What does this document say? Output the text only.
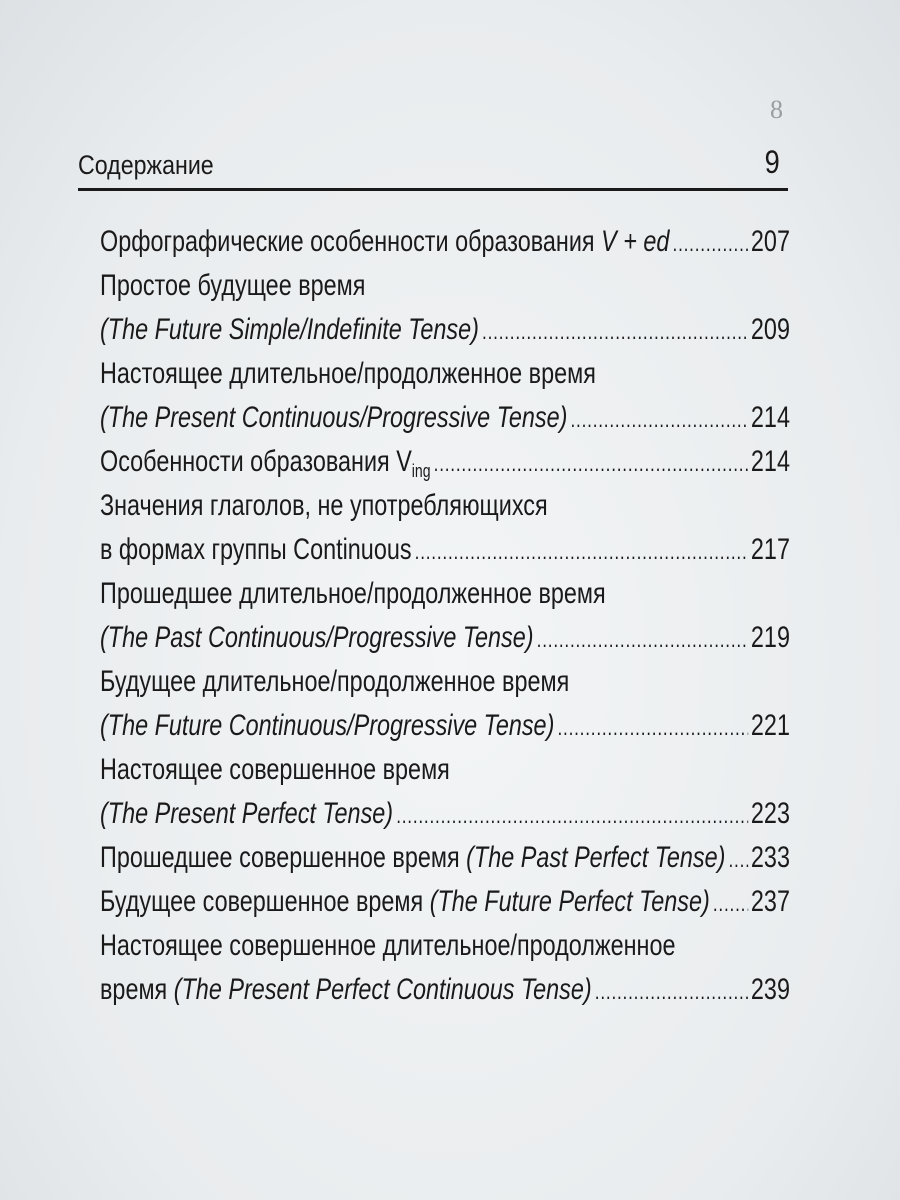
8
Содержание	9
Орфографические особенности образования V + ed .....	207
Простое будущее время
(The Future Simple/Indefinite Tense) .....	209
Настоящее длительное/продолженное время
(The Present Continuous/Progressive Tense) .....	214
Особенности образования $V_{ing}$ .....	214
Значения глаголов, не употребляющихся
в формах группы Continuous .....	217
Прошедшее длительное/продолженное время
(The Past Continuous/Progressive Tense) .....	219
Будущее длительное/продолженное время
(The Future Continuous/Progressive Tense) .....	221
Настоящее совершенное время
(The Present Perfect Tense) .....	223
Прошедшее совершенное время (The Past Perfect Tense) ..... 233
Будущее совершенное время (The Future Perfect Tense) ..... 237
Настоящее совершенное длительное/продолженное
время (The Present Perfect Continuous Tense) .....	239
